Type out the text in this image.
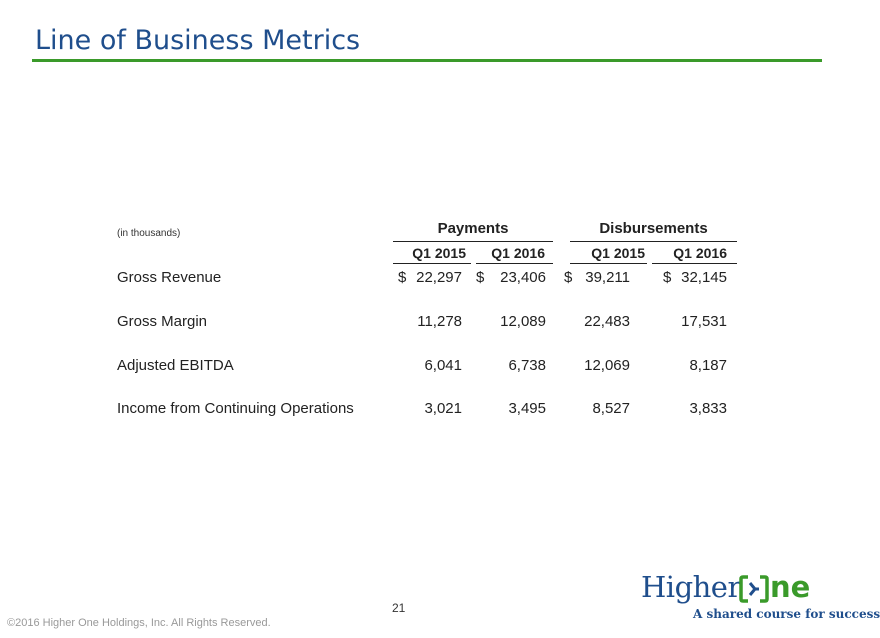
Line of Business Metrics
(in thousands)	Payments	Disbursements
Q1 2015	Q1 2016	Q1 2015	Q1 2016
Gross Revenue	$ 22,297 $ 23,406 $ 39,211 $ 32,145
Gross Margin	11,278	12,089	22,483	17,531
Adjusted EBITDA	6,041	6,738	12,069	8,187
Income from Continuing Operations	3,021	3,495	8,527	3,833
21
©2016 Higher One Holdings, Inc. All Rights Reserved.
Higher ne
A shared course for success
